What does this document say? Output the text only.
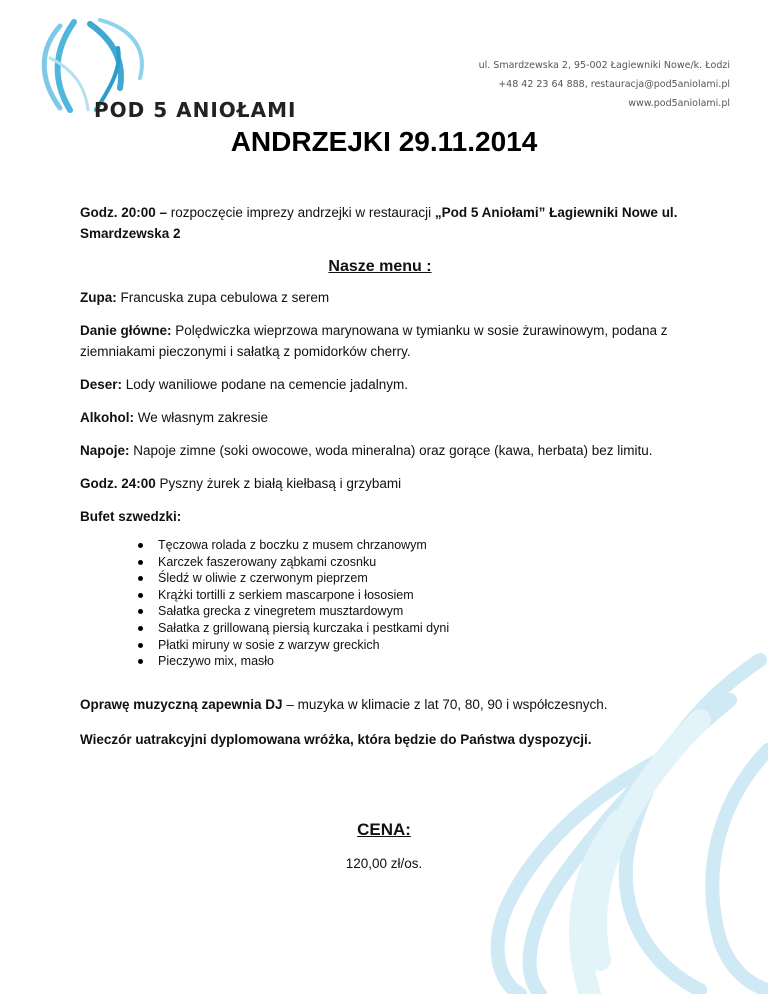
POD 5 ANIOŁAMI
ul. Smardzewska 2, 95-002 Łagiewniki Nowe/k. Łodzi
+48 42 23 64 888, restauracja@pod5aniolami.pl
www.pod5aniolami.pl
ANDRZEJKI 29.11.2014

Godz. 20:00 – rozpoczęcie imprezy andrzejki w restauracji „Pod 5 Aniołami” Łagiewniki Nowe ul. Smardzewska 2

Nasze menu :

Zupa: Francuska zupa cebulowa z serem

Danie główne: Polędwiczka wieprzowa marynowana w tymianku w sosie żurawinowym, podana z ziemniakami pieczonymi i sałatką z pomidorków cherry.

Deser: Lody waniliowe podane na cemencie jadalnym.

Alkohol: We własnym zakresie

Napoje: Napoje zimne (soki owocowe, woda mineralna) oraz gorące (kawa, herbata) bez limitu.

Godz. 24:00 Pyszny żurek z białą kiełbasą i grzybami

Bufet szwedzki:

Tęczowa rolada z boczku z musem chrzanowym
Karczek faszerowany ząbkami czosnku
Śledź w oliwie z czerwonym pieprzem
Krążki tortilli z serkiem mascarpone i łososiem
Sałatka grecka z vinegretem musztardowym
Sałatka z grillowaną piersią kurczaka i pestkami dyni
Płatki miruny w sosie z warzyw greckich
Pieczywo mix, masło

Oprawę muzyczną zapewnia DJ – muzyka w klimacie z lat 70, 80, 90 i współczesnych.

Wieczór uatrakcyjni dyplomowana wróżka, która będzie do Państwa dyspozycji.

CENA:
120,00 zł/os.
